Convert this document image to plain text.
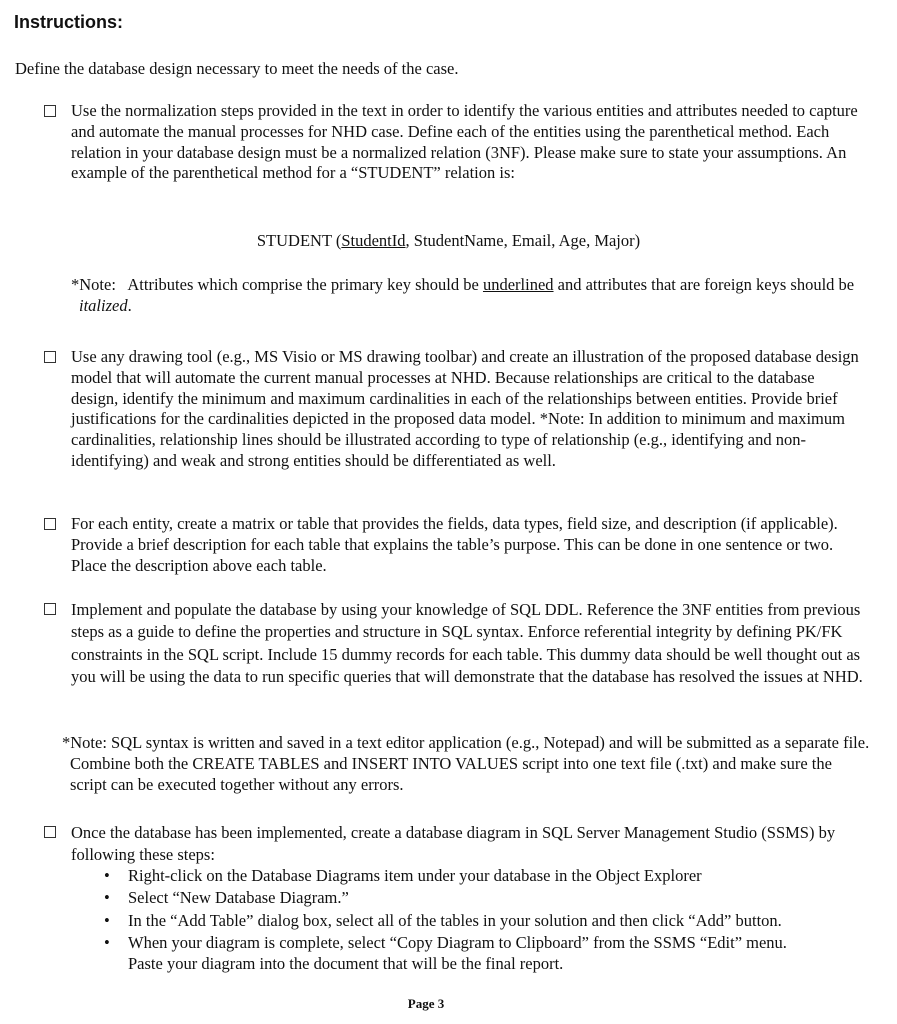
Instructions:
Define the database design necessary to meet the needs of the case.
Use the normalization steps provided in the text in order to identify the various entities and attributes needed to capture and automate the manual processes for NHD case. Define each of the entities using the parenthetical method. Each relation in your database design must be a normalized relation (3NF). Please make sure to state your assumptions. An example of the parenthetical method for a “STUDENT” relation is:
STUDENT (StudentId, StudentName, Email, Age, Major)
*Note:   Attributes which comprise the primary key should be underlined and attributes that are foreign keys should be italized.
Use any drawing tool (e.g., MS Visio or MS drawing toolbar) and create an illustration of the proposed database design model that will automate the current manual processes at NHD. Because relationships are critical to the database design, identify the minimum and maximum cardinalities in each of the relationships between entities. Provide brief justifications for the cardinalities depicted in the proposed data model. *Note: In addition to minimum and maximum cardinalities, relationship lines should be illustrated according to type of relationship (e.g., identifying and non-identifying) and weak and strong entities should be differentiated as well.
For each entity, create a matrix or table that provides the fields, data types, field size, and description (if applicable). Provide a brief description for each table that explains the table’s purpose. This can be done in one sentence or two. Place the description above each table.
Implement and populate the database by using your knowledge of SQL DDL. Reference the 3NF entities from previous steps as a guide to define the properties and structure in SQL syntax. Enforce referential integrity by defining PK/FK constraints in the SQL script. Include 15 dummy records for each table. This dummy data should be well thought out as you will be using the data to run specific queries that will demonstrate that the database has resolved the issues at NHD.
*Note: SQL syntax is written and saved in a text editor application (e.g., Notepad) and will be submitted as a separate file. Combine both the CREATE TABLES and INSERT INTO VALUES script into one text file (.txt) and make sure the script can be executed together without any errors.
Once the database has been implemented, create a database diagram in SQL Server Management Studio (SSMS) by following these steps:
• Right-click on the Database Diagrams item under your database in the Object Explorer
• Select “New Database Diagram.”
• In the “Add Table” dialog box, select all of the tables in your solution and then click “Add” button.
• When your diagram is complete, select “Copy Diagram to Clipboard” from the SSMS “Edit” menu. Paste your diagram into the document that will be the final report.
Page 3
